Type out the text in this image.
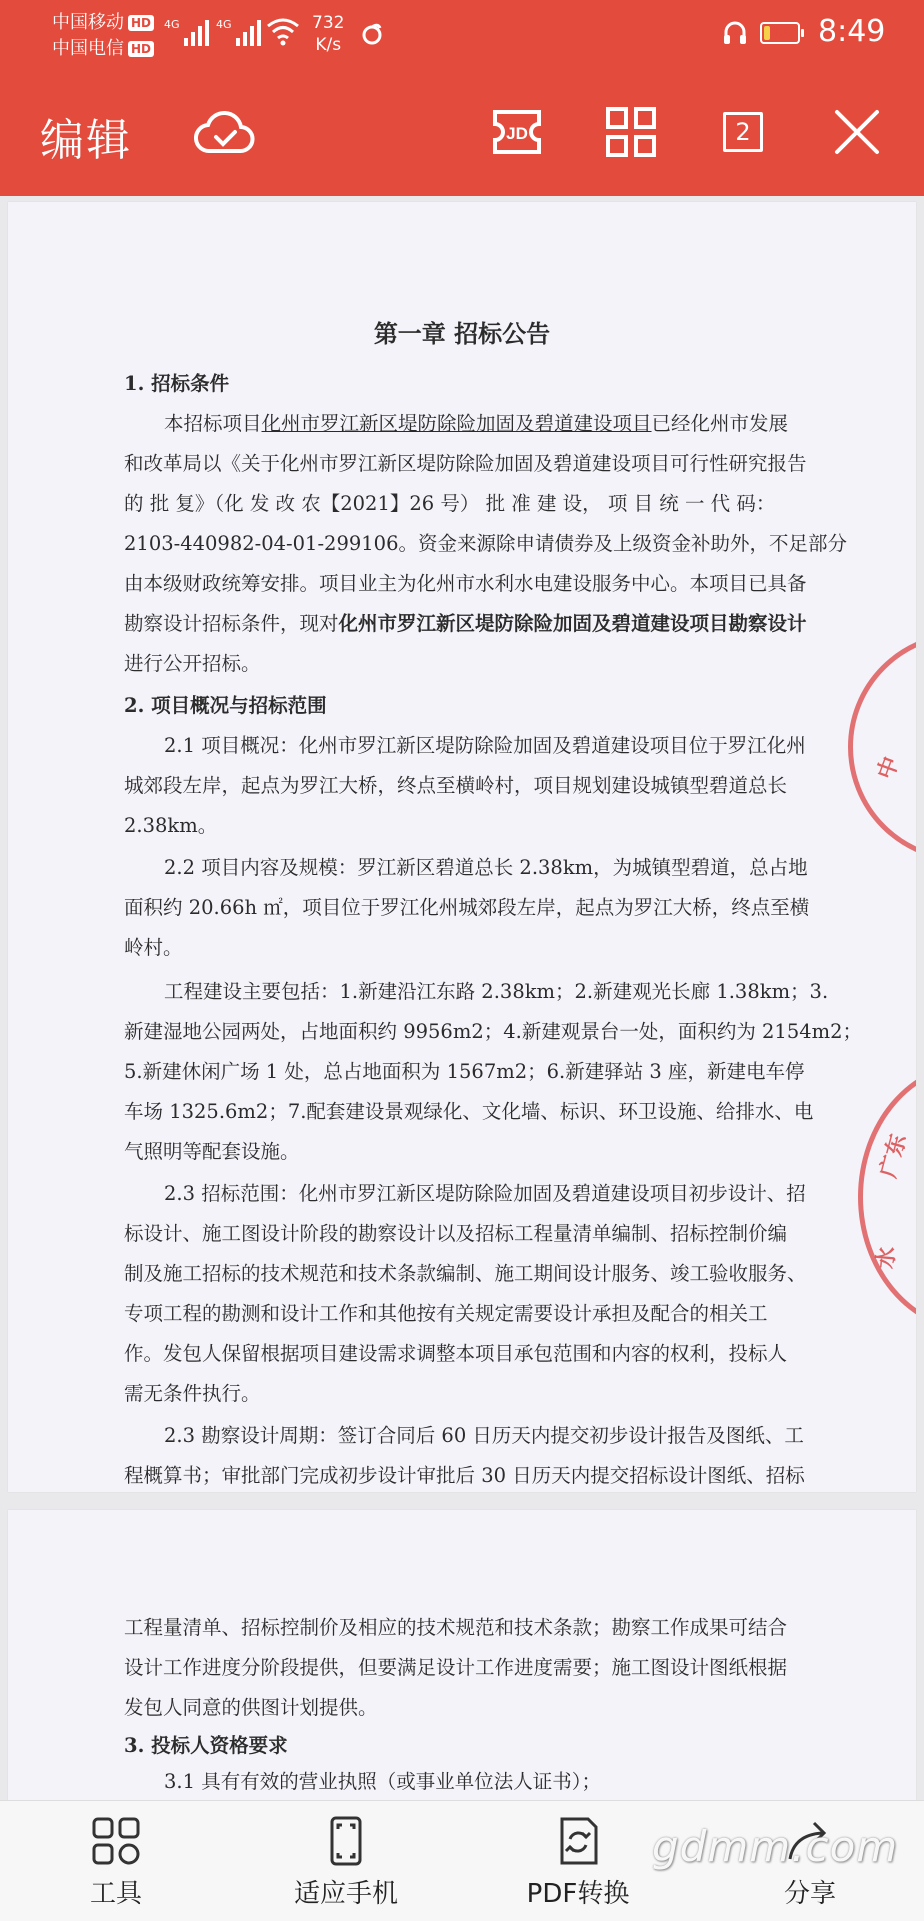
中国移动 HD
中国电信 HD
4G	4G	732
K/s
16 8:49
编辑	JD	2
第一章 招标公告
1. 招标条件
本招标项目化州市罗江新区堤防除险加固及碧道建设项目已经化州市发展
和改革局以《关于化州市罗江新区堤防除险加固及碧道建设项目可行性研究报告
的 批 复》（化 发 改 农【2021】26 号） 批 准 建 设， 项 目 统 一 代 码：
2103-440982-04-01-299106。资金来源除申请债券及上级资金补助外，不足部分
由本级财政统筹安排。项目业主为化州市水利水电建设服务中心。本项目已具备
勘察设计招标条件，现对化州市罗江新区堤防除险加固及碧道建设项目勘察设计
进行公开招标。
2. 项目概况与招标范围
2.1 项目概况：化州市罗江新区堤防除险加固及碧道建设项目位于罗江化州
城郊段左岸，起点为罗江大桥，终点至横岭村，项目规划建设城镇型碧道总长
2.38km。
2.2 项目内容及规模：罗江新区碧道总长 2.38km，为城镇型碧道，总占地
面积约 20.66h ㎡，项目位于罗江化州城郊段左岸，起点为罗江大桥，终点至横
岭村。
工程建设主要包括：1.新建沿江东路 2.38km；2.新建观光长廊 1.38km；3.
新建湿地公园两处，占地面积约 9956m2；4.新建观景台一处，面积约为 2154m2；
5.新建休闲广场 1 处，总占地面积为 1567m2；6.新建驿站 3 座，新建电车停
车场 1325.6m2；7.配套建设景观绿化、文化墙、标识、环卫设施、给排水、电
气照明等配套设施。
2.3 招标范围：化州市罗江新区堤防除险加固及碧道建设项目初步设计、招
标设计、施工图设计阶段的勘察设计以及招标工程量清单编制、招标控制价编
制及施工招标的技术规范和技术条款编制、施工期间设计服务、竣工验收服务、
专项工程的勘测和设计工作和其他按有关规定需要设计承担及配合的相关工
作。发包人保留根据项目建设需求调整本项目承包范围和内容的权利，投标人
需无条件执行。
2.3 勘察设计周期：签订合同后 60 日历天内提交初步设计报告及图纸、工
程概算书；审批部门完成初步设计审批后 30 日历天内提交招标设计图纸、招标
中
广东
水
工程量清单、招标控制价及相应的技术规范和技术条款；勘察工作成果可结合
设计工作进度分阶段提供，但要满足设计工作进度需要；施工图设计图纸根据
发包人同意的供图计划提供。
3. 投标人资格要求
3.1 具有有效的营业执照（或事业单位法人证书）；
工具	适应手机	PDF转换	分享
gdmm.com
